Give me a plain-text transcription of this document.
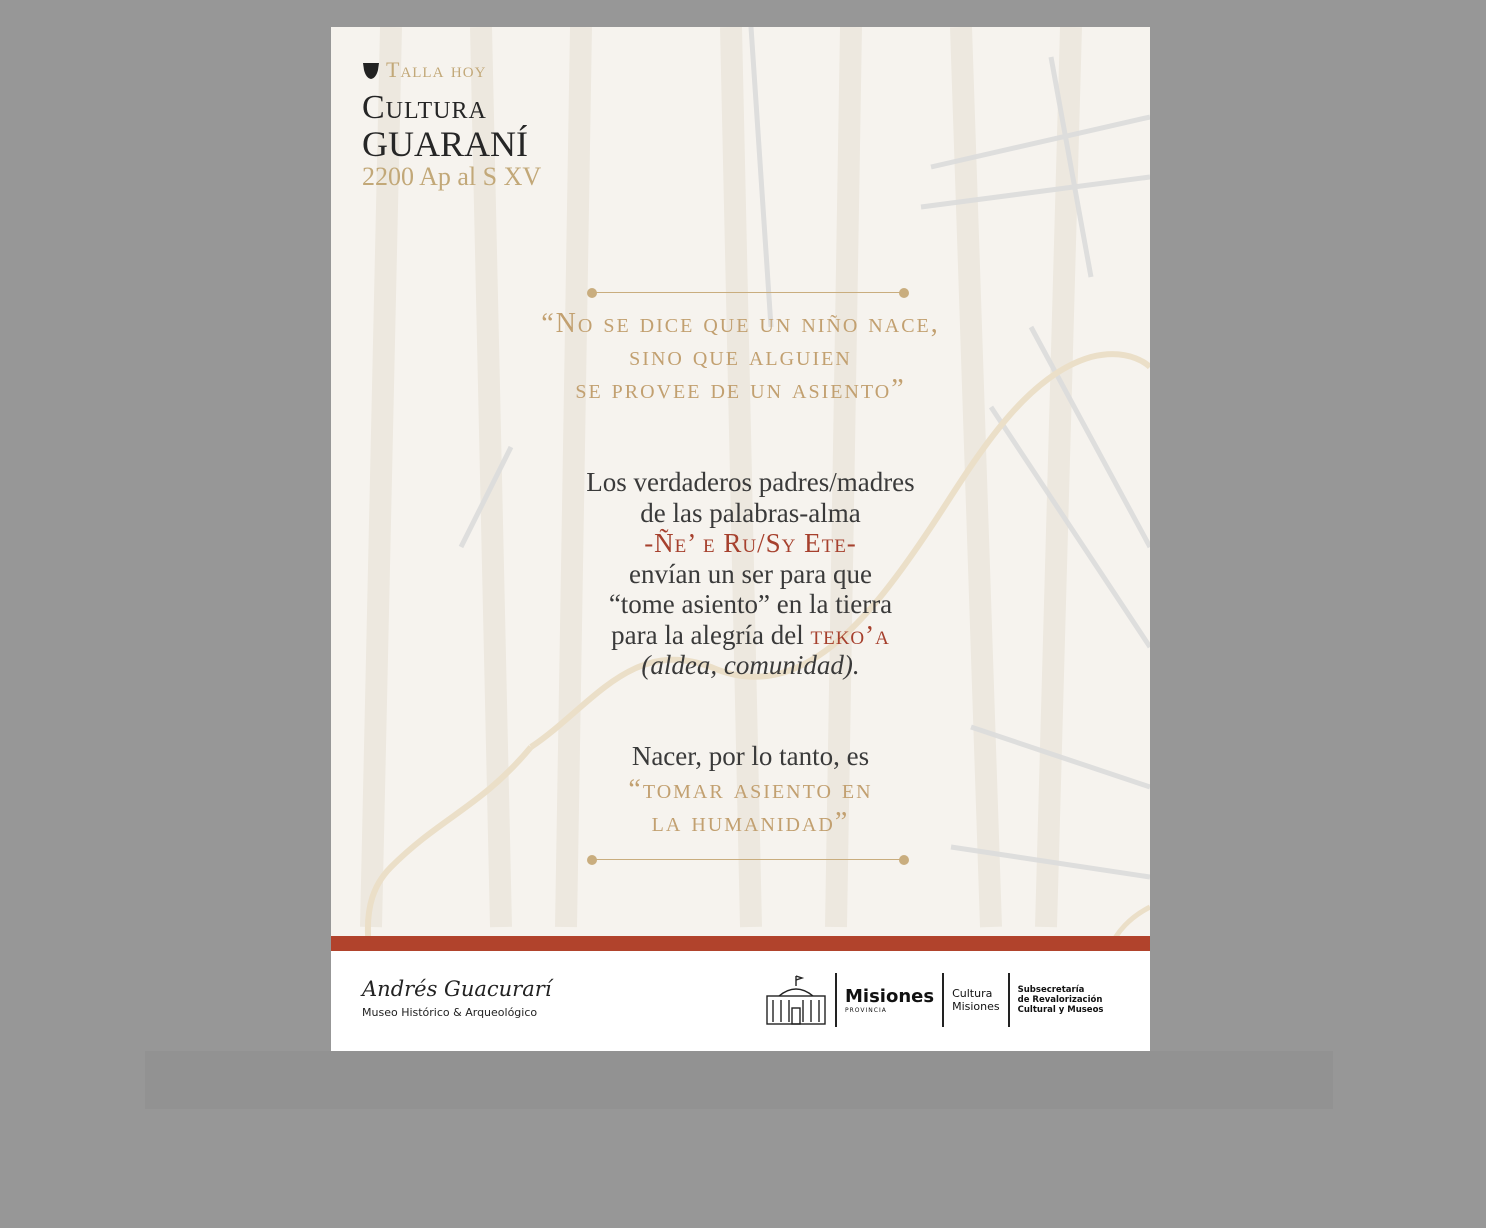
Talla hoy
Cultura
GUARANÍ
2200 Ap al S XV
“No se dice que un niño nace,
sino que alguien
se provee de un asiento”
Los verdaderos padres/madres
de las palabras-alma
-Ñe’ e Ru/Sy Ete-
envían un ser para que
“tome asiento” en la tierra
para la alegría del teko’a
(aldea, comunidad).
Nacer, por lo tanto, es
“tomar asiento en
la humanidad”
Andrés Guacurarí
Museo Histórico & Arqueológico
Misiones
PROVINCIA
Cultura
Misiones
Subsecretaría
de Revalorización
Cultural y Museos
